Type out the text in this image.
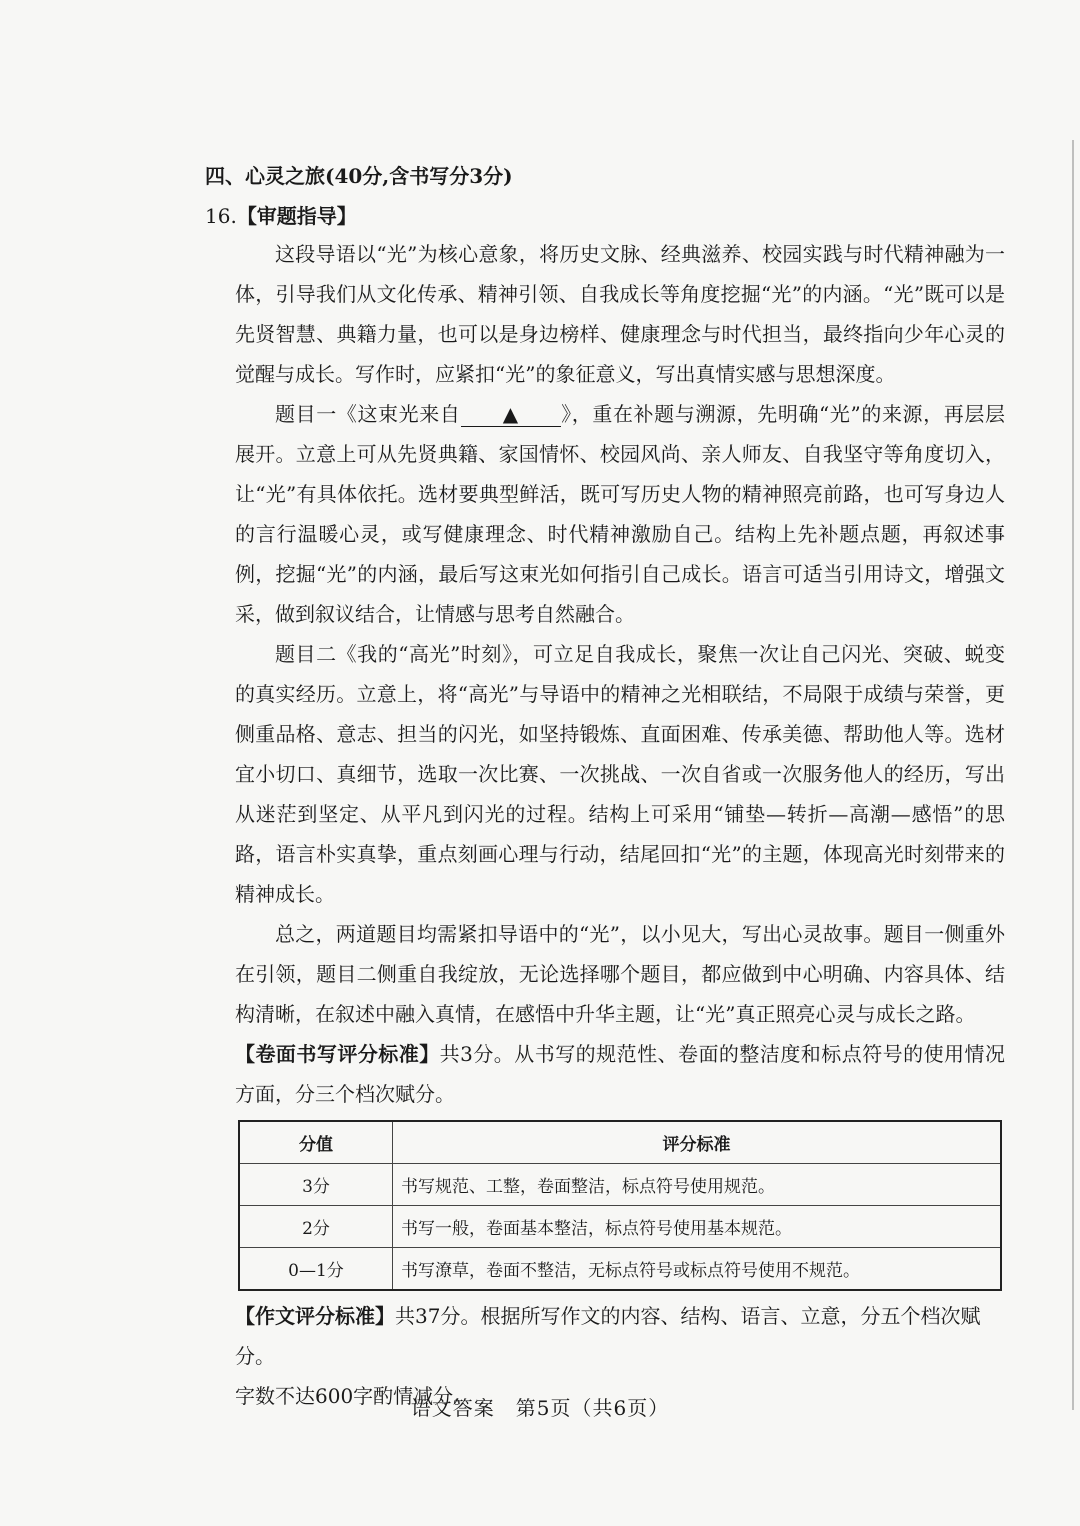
四、心灵之旅(40分,含书写分3分)
16.【审题指导】

这段导语以“光”为核心意象，将历史文脉、经典滋养、校园实践与时代精神融为一体，引导我们从文化传承、精神引领、自我成长等角度挖掘“光”的内涵。“光”既可以是先贤智慧、典籍力量，也可以是身边榜样、健康理念与时代担当，最终指向少年心灵的觉醒与成长。写作时，应紧扣“光”的象征意义，写出真情实感与思想深度。

题目一《这束光来自 ▲ 》，重在补题与溯源，先明确“光”的来源，再层层展开。立意上可从先贤典籍、家国情怀、校园风尚、亲人师友、自我坚守等角度切入，让“光”有具体依托。选材要典型鲜活，既可写历史人物的精神照亮前路，也可写身边人的言行温暖心灵，或写健康理念、时代精神激励自己。结构上先补题点题，再叙述事例，挖掘“光”的内涵，最后写这束光如何指引自己成长。语言可适当引用诗文，增强文采，做到叙议结合，让情感与思考自然融合。

题目二《我的“高光”时刻》，可立足自我成长，聚焦一次让自己闪光、突破、蜕变的真实经历。立意上，将“高光”与导语中的精神之光相联结，不局限于成绩与荣誉，更侧重品格、意志、担当的闪光，如坚持锻炼、直面困难、传承美德、帮助他人等。选材宜小切口、真细节，选取一次比赛、一次挑战、一次自省或一次服务他人的经历，写出从迷茫到坚定、从平凡到闪光的过程。结构上可采用“铺垫—转折—高潮—感悟”的思路，语言朴实真挚，重点刻画心理与行动，结尾回扣“光”的主题，体现高光时刻带来的精神成长。

总之，两道题目均需紧扣导语中的“光”，以小见大，写出心灵故事。题目一侧重外在引领，题目二侧重自我绽放，无论选择哪个题目，都应做到中心明确、内容具体、结构清晰，在叙述中融入真情，在感悟中升华主题，让“光”真正照亮心灵与成长之路。

【卷面书写评分标准】共3分。从书写的规范性、卷面的整洁度和标点符号的使用情况方面，分三个档次赋分。

分值	评分标准
3分	书写规范、工整，卷面整洁，标点符号使用规范。
2分	书写一般，卷面基本整洁，标点符号使用基本规范。
0—1分	书写潦草，卷面不整洁，无标点符号或标点符号使用不规范。

【作文评分标准】共37分。根据所写作文的内容、结构、语言、立意，分五个档次赋分。

字数不达600字酌情减分。

语文答案　第5页（共6页）
